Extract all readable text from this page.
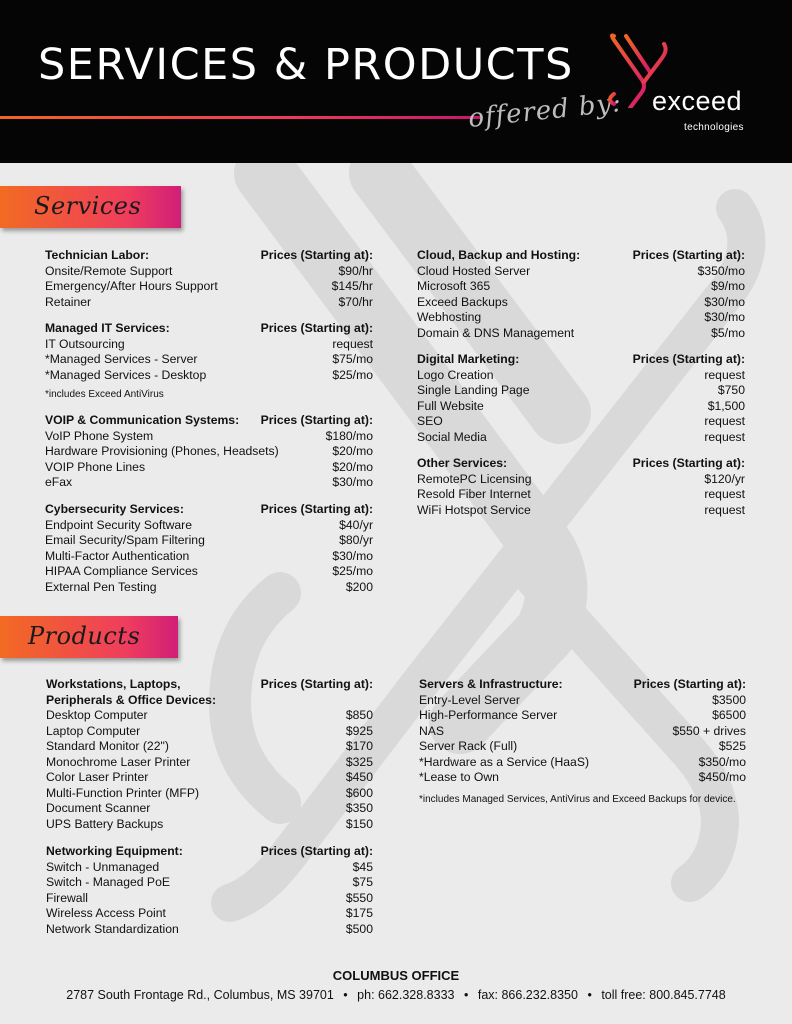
SERVICES & PRODUCTS
offered by: exceed
technologies
Services
Technician Labor:	Prices (Starting at):
Onsite/Remote Support	$90/hr
Emergency/After Hours Support	$145/hr
Retainer	$70/hr
Managed IT Services:	Prices (Starting at):
IT Outsourcing	request
*Managed Services - Server	$75/mo
*Managed Services - Desktop	$25/mo
*includes Exceed AntiVirus
VOIP & Communication Systems: Prices (Starting at):
VoIP Phone System	$180/mo
Hardware Provisioning (Phones, Headsets)	$20/mo
VOIP Phone Lines	$20/mo
eFax	$30/mo
Cybersecurity Services:	Prices (Starting at):
Endpoint Security Software	$40/yr
Email Security/Spam Filtering	$80/yr
Multi-Factor Authentication	$30/mo
HIPAA Compliance Services	$25/mo
External Pen Testing	$200
Cloud, Backup and Hosting:	Prices (Starting at):
Cloud Hosted Server	$350/mo
Microsoft 365	$9/mo
Exceed Backups	$30/mo
Webhosting	$30/mo
Domain & DNS Management	$5/mo
Digital Marketing:	Prices (Starting at):
Logo Creation	request
Single Landing Page	$750
Full Website	$1,500
SEO	request
Social Media	request
Other Services:	Prices (Starting at):
RemotePC Licensing	$120/yr
Resold Fiber Internet	request
WiFi Hotspot Service	request
Products
Workstations, Laptops,	Prices (Starting at):
Peripherals & Office Devices:
Desktop Computer	$850
Laptop Computer	$925
Standard Monitor (22")	$170
Monochrome Laser Printer	$325
Color Laser Printer	$450
Multi-Function Printer (MFP)	$600
Document Scanner	$350
UPS Battery Backups	$150
Networking Equipment:	Prices (Starting at):
Switch - Unmanaged	$45
Switch - Managed PoE	$75
Firewall	$550
Wireless Access Point	$175
Network Standardization	$500
Servers & Infrastructure:	Prices (Starting at):
Entry-Level Server	$3500
High-Performance Server	$6500
NAS	$550 + drives
Server Rack (Full)	$525
*Hardware as a Service (HaaS)	$350/mo
*Lease to Own	$450/mo
*includes Managed Services, AntiVirus and Exceed Backups for device.
COLUMBUS OFFICE
2787 South Frontage Rd., Columbus, MS 39701 • ph: 662.328.8333 • fax: 866.232.8350 • toll free: 800.845.7748
